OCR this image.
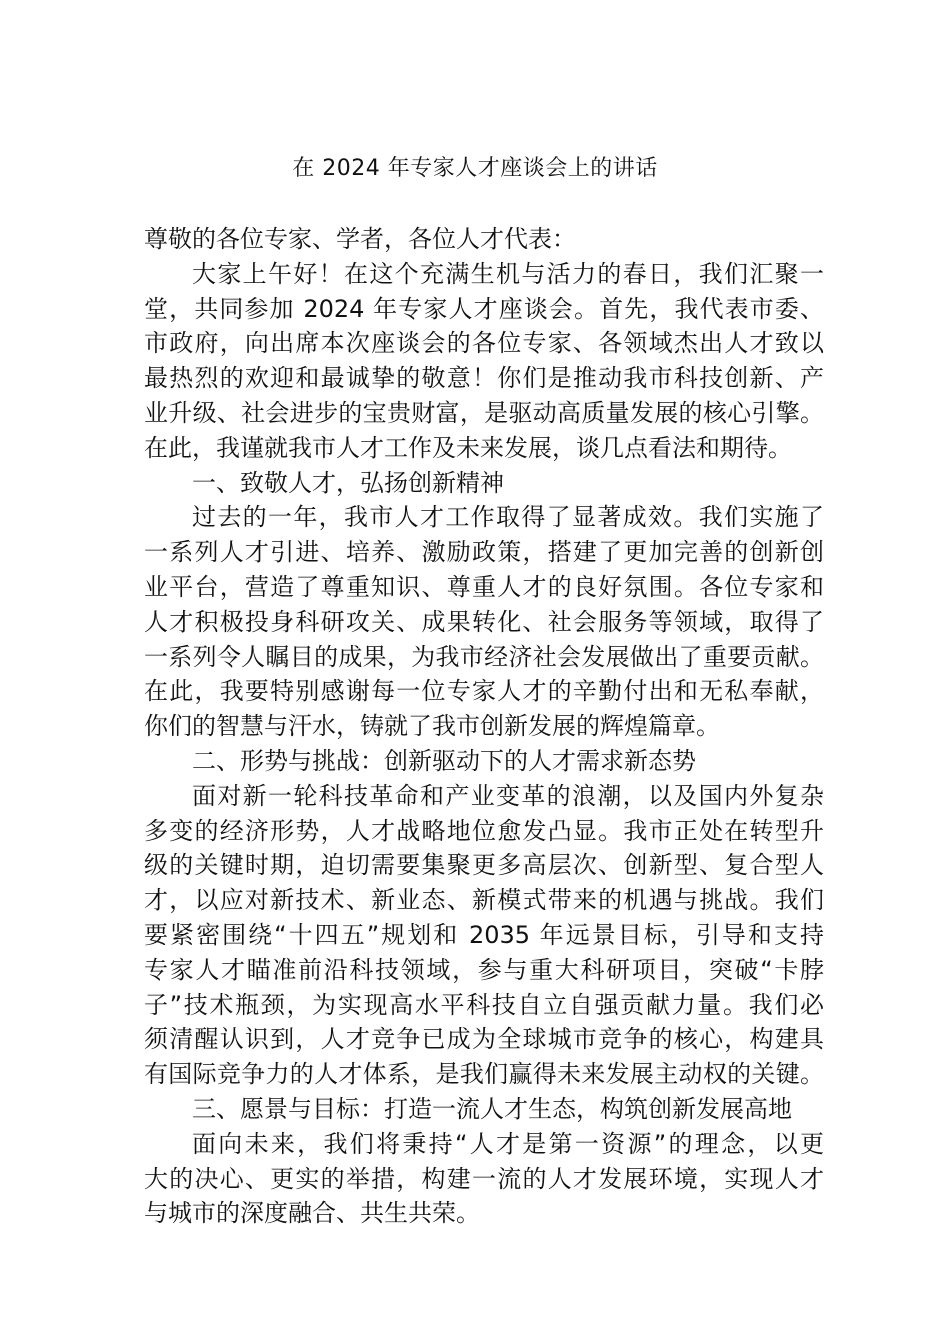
在 2024 年专家人才座谈会上的讲话
尊敬的各位专家、学者，各位人才代表：
大家上午好！在这个充满生机与活力的春日，我们汇聚一
堂，共同参加 2024 年专家人才座谈会。首先，我代表市委、
市政府，向出席本次座谈会的各位专家、各领域杰出人才致以
最热烈的欢迎和最诚挚的敬意！你们是推动我市科技创新、产
业升级、社会进步的宝贵财富，是驱动高质量发展的核心引擎。
在此，我谨就我市人才工作及未来发展，谈几点看法和期待。
一、致敬人才，弘扬创新精神
过去的一年，我市人才工作取得了显著成效。我们实施了
一系列人才引进、培养、激励政策，搭建了更加完善的创新创
业平台，营造了尊重知识、尊重人才的良好氛围。各位专家和
人才积极投身科研攻关、成果转化、社会服务等领域，取得了
一系列令人瞩目的成果，为我市经济社会发展做出了重要贡献。
在此，我要特别感谢每一位专家人才的辛勤付出和无私奉献，
你们的智慧与汗水，铸就了我市创新发展的辉煌篇章。
二、形势与挑战：创新驱动下的人才需求新态势
面对新一轮科技革命和产业变革的浪潮，以及国内外复杂
多变的经济形势，人才战略地位愈发凸显。我市正处在转型升
级的关键时期，迫切需要集聚更多高层次、创新型、复合型人
才，以应对新技术、新业态、新模式带来的机遇与挑战。我们
要紧密围绕“十四五”规划和 2035 年远景目标，引导和支持
专家人才瞄准前沿科技领域，参与重大科研项目，突破“卡脖
子”技术瓶颈，为实现高水平科技自立自强贡献力量。我们必
须清醒认识到，人才竞争已成为全球城市竞争的核心，构建具
有国际竞争力的人才体系，是我们赢得未来发展主动权的关键。
三、愿景与目标：打造一流人才生态，构筑创新发展高地
面向未来，我们将秉持“人才是第一资源”的理念，以更
大的决心、更实的举措，构建一流的人才发展环境，实现人才
与城市的深度融合、共生共荣。
